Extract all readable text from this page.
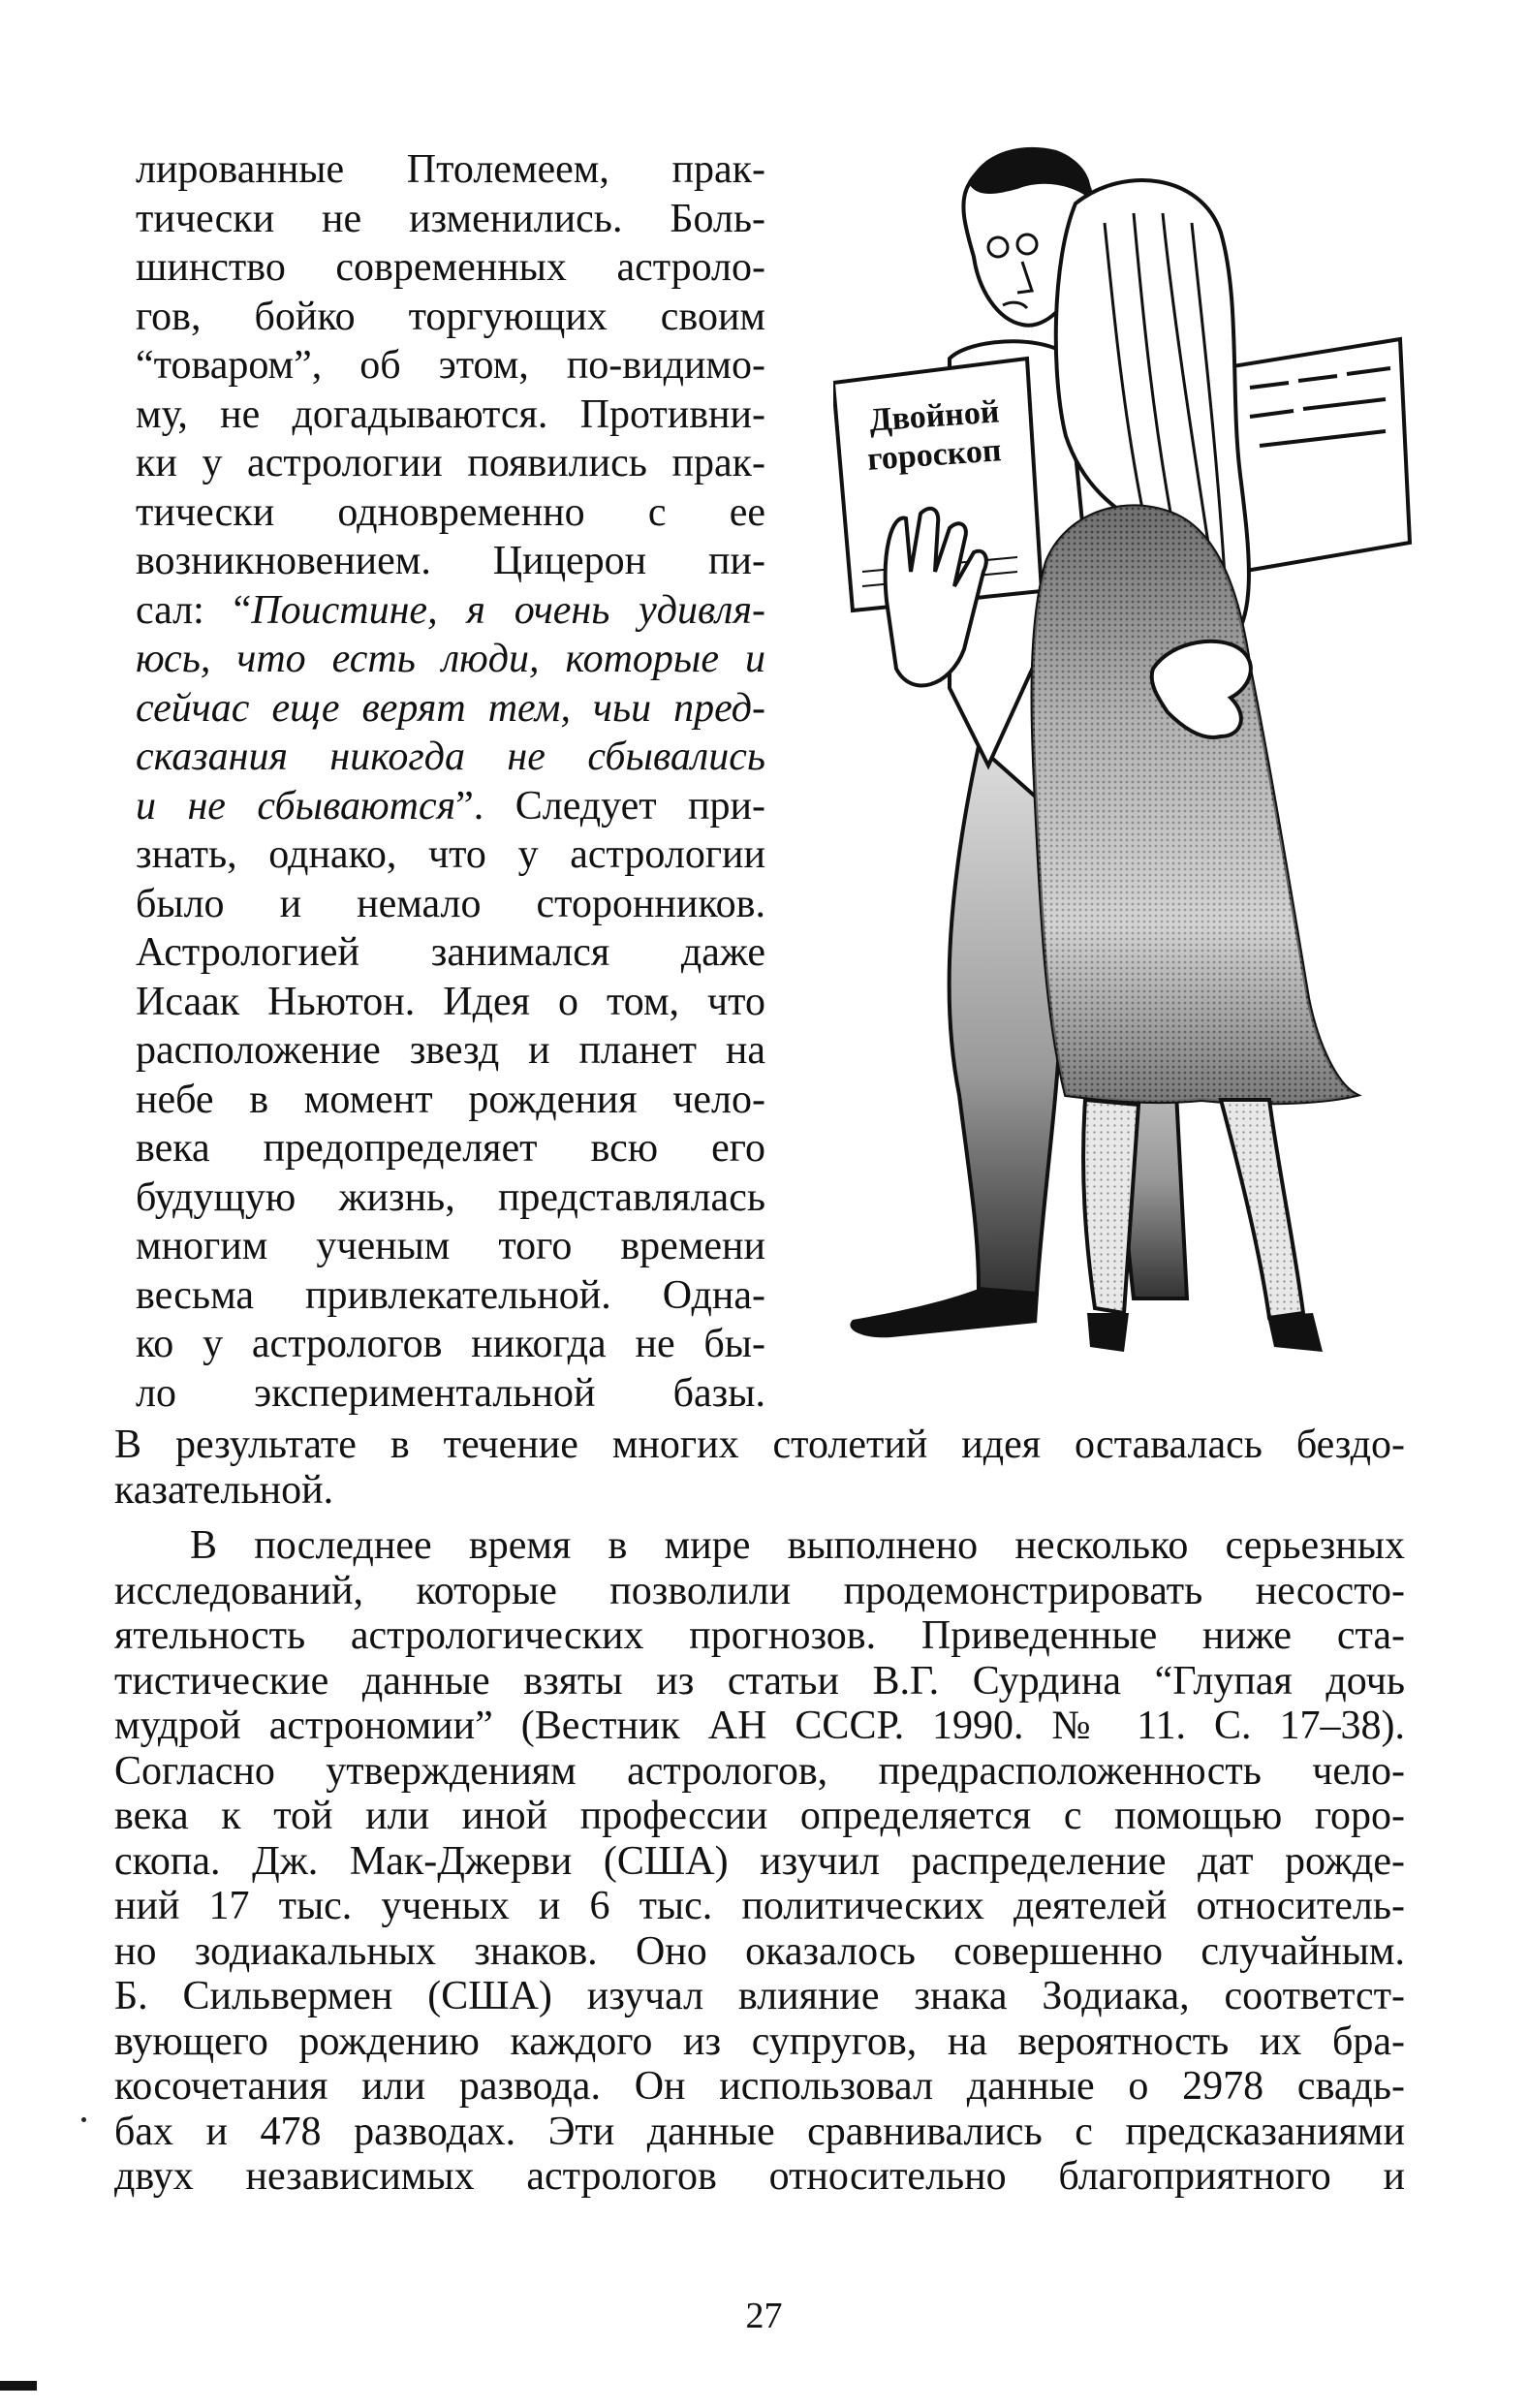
лированные Птолемеем, прак-
тически не изменились. Боль-
шинство современных астроло-
гов, бойко торгующих своим
“товаром”, об этом, по-видимо-
му, не догадываются. Противни-
ки у астрологии появились прак-
тически одновременно с ее
возникновением. Цицерон пи-
сал: “Поистине, я очень удивля-
юсь, что есть люди, которые и
сейчас еще верят тем, чьи пред-
сказания никогда не сбывались
и не сбываются”. Следует при-
знать, однако, что у астрологии
было и немало сторонников.
Астрологией занимался даже
Исаак Ньютон. Идея о том, что
расположение звезд и планет на
небе в момент рождения чело-
века предопределяет всю его
будущую жизнь, представлялась
многим ученым того времени
весьма привлекательной. Одна-
ко у астрологов никогда не бы-
ло экспериментальной базы.
Двойной
гороскоп
В результате в течение многих столетий идея оставалась бездо-
казательной.
В последнее время в мире выполнено несколько серьезных
исследований, которые позволили продемонстрировать несосто-
ятельность астрологических прогнозов. Приведенные ниже ста-
тистические данные взяты из статьи В.Г. Сурдина “Глупая дочь
мудрой астрономии” (Вестник АН СССР. 1990. № 11. С. 17–38).
Согласно утверждениям астрологов, предрасположенность чело-
века к той или иной профессии определяется с помощью горо-
скопа. Дж. Мак-Джерви (США) изучил распределение дат рожде-
ний 17 тыс. ученых и 6 тыс. политических деятелей относитель-
но зодиакальных знаков. Оно оказалось совершенно случайным.
Б. Сильвермен (США) изучал влияние знака Зодиака, соответст-
вующего рождению каждого из супругов, на вероятность их бра-
косочетания или развода. Он использовал данные о 2978 свадь-
бах и 478 разводах. Эти данные сравнивались с предсказаниями
двух независимых астрологов относительно благоприятного и
27
